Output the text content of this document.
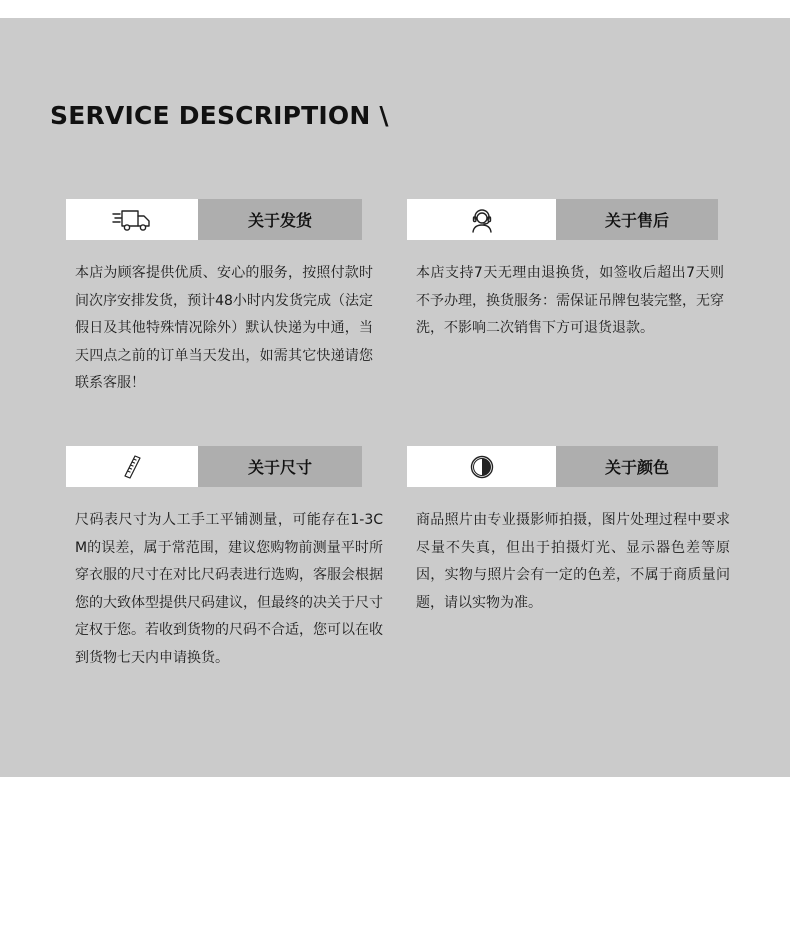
SERVICE DESCRIPTION \
关于发货
本店为顾客提供优质、安心的服务，按照付款时间次序安排发货，预计48小时内发货完成（法定假日及其他特殊情况除外）默认快递为中通，当天四点之前的订单当天发出，如需其它快递请您联系客服！
关于售后
本店支持7天无理由退换货，如签收后超出7天则不予办理，换货服务：需保证吊牌包装完整，无穿洗，不影响二次销售下方可退货退款。
关于尺寸
尺码表尺寸为人工手工平铺测量，可能存在1-3CM的误差，属于常范围，建议您购物前测量平时所穿衣服的尺寸在对比尺码表进行选购，客服会根据您的大致体型提供尺码建议，但最终的决关于尺寸定权于您。若收到货物的尺码不合适，您可以在收到货物七天内申请换货。
关于颜色
商品照片由专业摄影师拍摄，图片处理过程中要求尽量不失真，但出于拍摄灯光、显示器色差等原因，实物与照片会有一定的色差，不属于商质量问题，请以实物为准。
